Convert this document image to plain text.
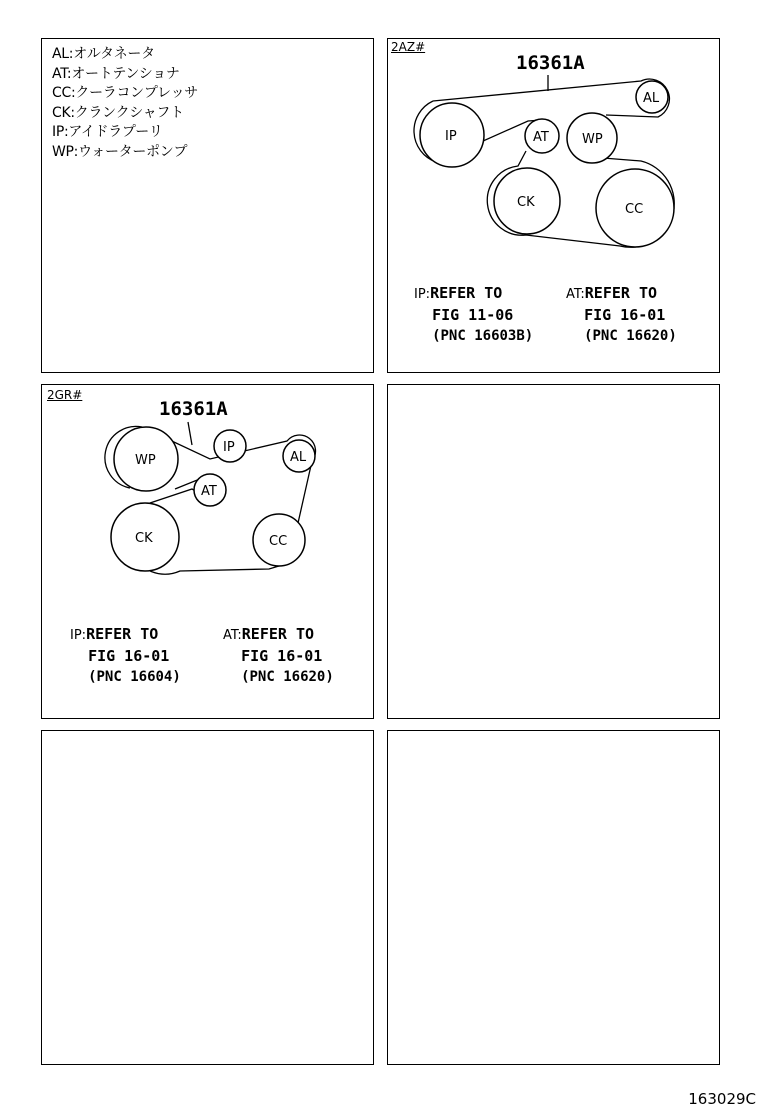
AL:オルタネータ
AT:オートテンショナ
CC:クーラコンプレッサ
CK:クランクシャフト
IP:アイドラプーリ
WP:ウォーターポンプ
2AZ#
16361A
IP	AT
AL
WP
CK	CC
IP:REFER TO
FIG 11-06
(PNC 16603B)
AT:REFER TO
FIG 16-01
(PNC 16620)
2GR#
16361A
WP
IP
AL
AT
CK	CC
IP:REFER TO
FIG 16-01
(PNC 16604)
AT:REFER TO
FIG 16-01
(PNC 16620)
163029C
